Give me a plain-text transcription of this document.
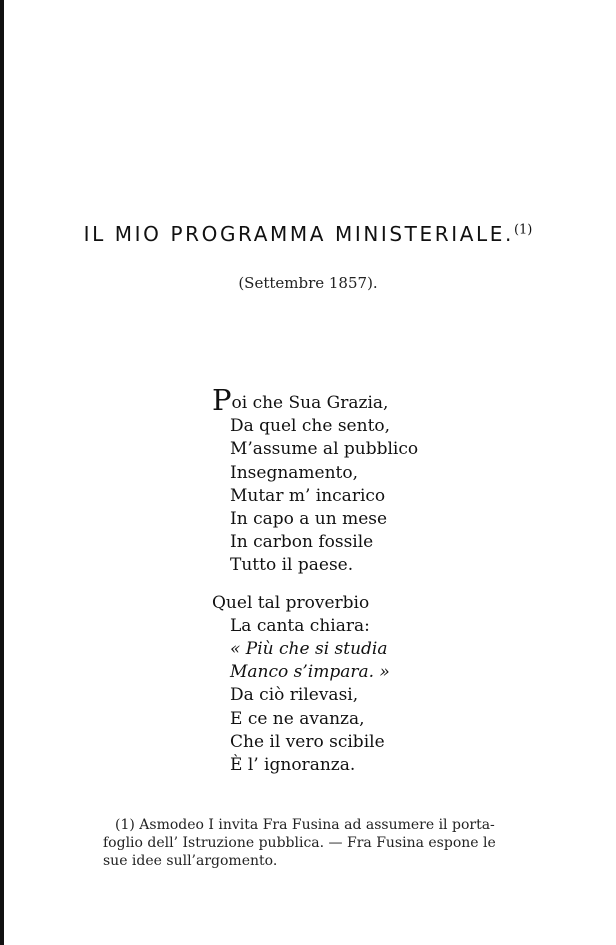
IL MIO PROGRAMMA MINISTERIALE.$^{(1)}$
(Settembre 1857).
Poi che Sua Grazia,
Da quel che sento,
M’assume al pubblico
Insegnamento,
Mutar m’ incarico
In capo a un mese
In carbon fossile
Tutto il paese.
Quel tal proverbio
La canta chiara:
« Più che si studia
Manco s’impara. »
Da ciò rilevasi,
E ce ne avanza,
Che il vero scibile
È l’ ignoranza.
(1) Asmodeo I invita Fra Fusina ad assumere il porta-
foglio dell’ Istruzione pubblica. — Fra Fusina espone le
sue idee sull’argomento.
